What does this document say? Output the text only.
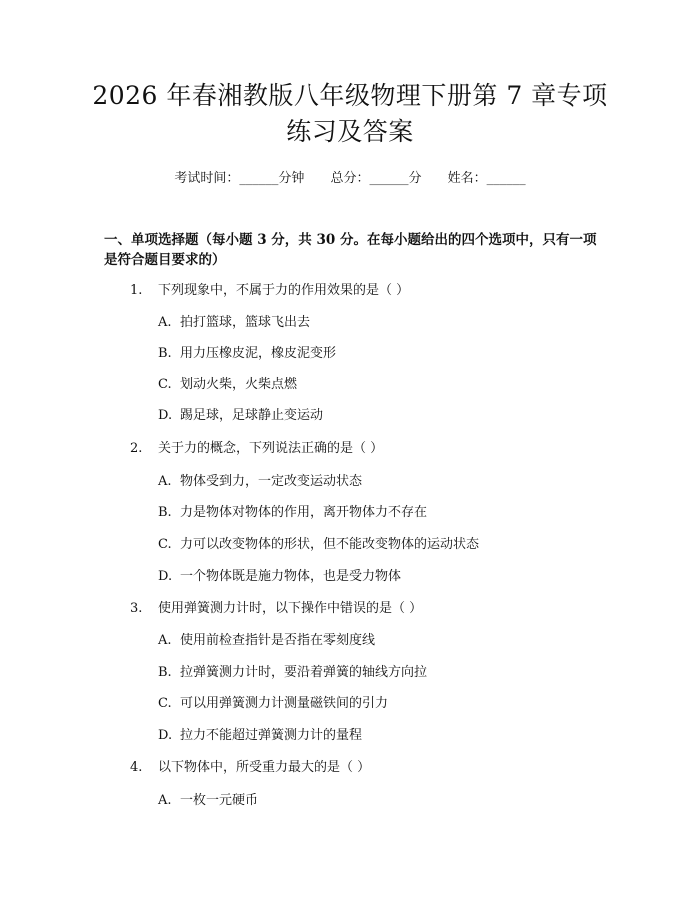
2026 年春湘教版八年级物理下册第 7 章专项
练习及答案
考试时间：______分钟 总分：______分 姓名：______
一、单项选择题（每小题 3 分，共 30 分。在每小题给出的四个选项中，只有一项
是符合题目要求的）
1. 下列现象中，不属于力的作用效果的是（ ）
A. 拍打篮球，篮球飞出去
B. 用力压橡皮泥，橡皮泥变形
C. 划动火柴，火柴点燃
D. 踢足球，足球静止变运动
2. 关于力的概念，下列说法正确的是（ ）
A. 物体受到力，一定改变运动状态
B. 力是物体对物体的作用，离开物体力不存在
C. 力可以改变物体的形状，但不能改变物体的运动状态
D. 一个物体既是施力物体，也是受力物体
3. 使用弹簧测力计时，以下操作中错误的是（ ）
A. 使用前检查指针是否指在零刻度线
B. 拉弹簧测力计时，要沿着弹簧的轴线方向拉
C. 可以用弹簧测力计测量磁铁间的引力
D. 拉力不能超过弹簧测力计的量程
4. 以下物体中，所受重力最大的是（ ）
A. 一枚一元硬币
